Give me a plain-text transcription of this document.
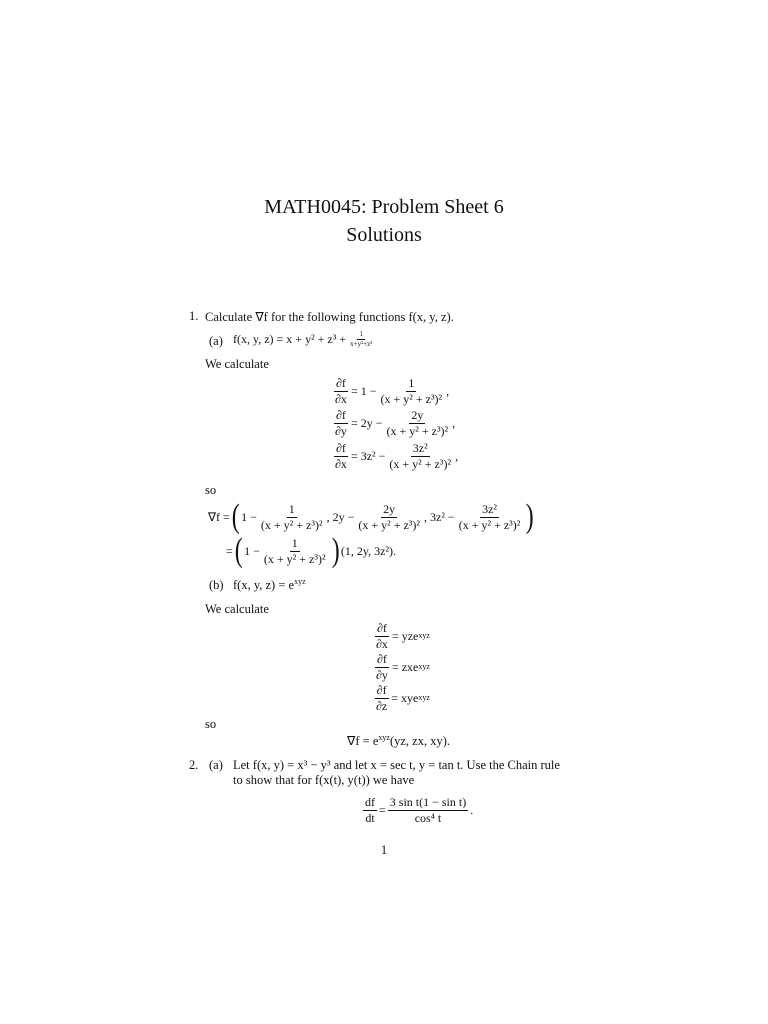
MATH0045: Problem Sheet 6
Solutions
1. Calculate ∇f for the following functions f(x, y, z).
(a) f(x, y, $z) = x + y^2 + z^3 + \frac{1}{\text{x+y²+z³}}$
We calculate
$\frac{\partial f}{\partial x} = 1 - \frac{1}{\text{(x + y² + z³)²}}$ ,
$\frac{\partial f}{\partial y} = 2y - \frac{2y}{\text{(x + y² + z³)²}}$ ,
$\frac{\partial f}{\partial x} = 3z^2 - \frac{\text{3z²}}{\text{(x + y² + z³)²}}$ ,
so
∇f = ( $1 - \frac{1}{\text{(x + y² + z³)²}}$ , $2y - \frac{2y}{\text{(x + y² + z³)²}}$ , $3z^2 - \frac{\text{3z²}}{\text{(x + y² + z³)²}}$ )
= ( $1 - \frac{1}{\text{(x + y² + z³)²}}$ ) (1, 2y, 3z²).
(b) f(x, y, $z) = e^{xyz}$
We calculate
$\frac{\partial f}{\partial x}$ = yze xyz
$\frac{\partial f}{\partial y}$ = zxe xyz
$\frac{\partial f}{\partial z}$ = xye xyz
so
$\nabla f = e^{xyz}(yz$, zx, xy).
2. (a) Let f(x, y) = x³ − y³ and let x = sec t, y = tan t. Use the Chain rule
to show that for f(x(t), y(t)) we have
$\frac{df}{dt} = \frac{\text{3 sin t(1 − sin t)}}{\text{cos⁴ t}}$ .
1
